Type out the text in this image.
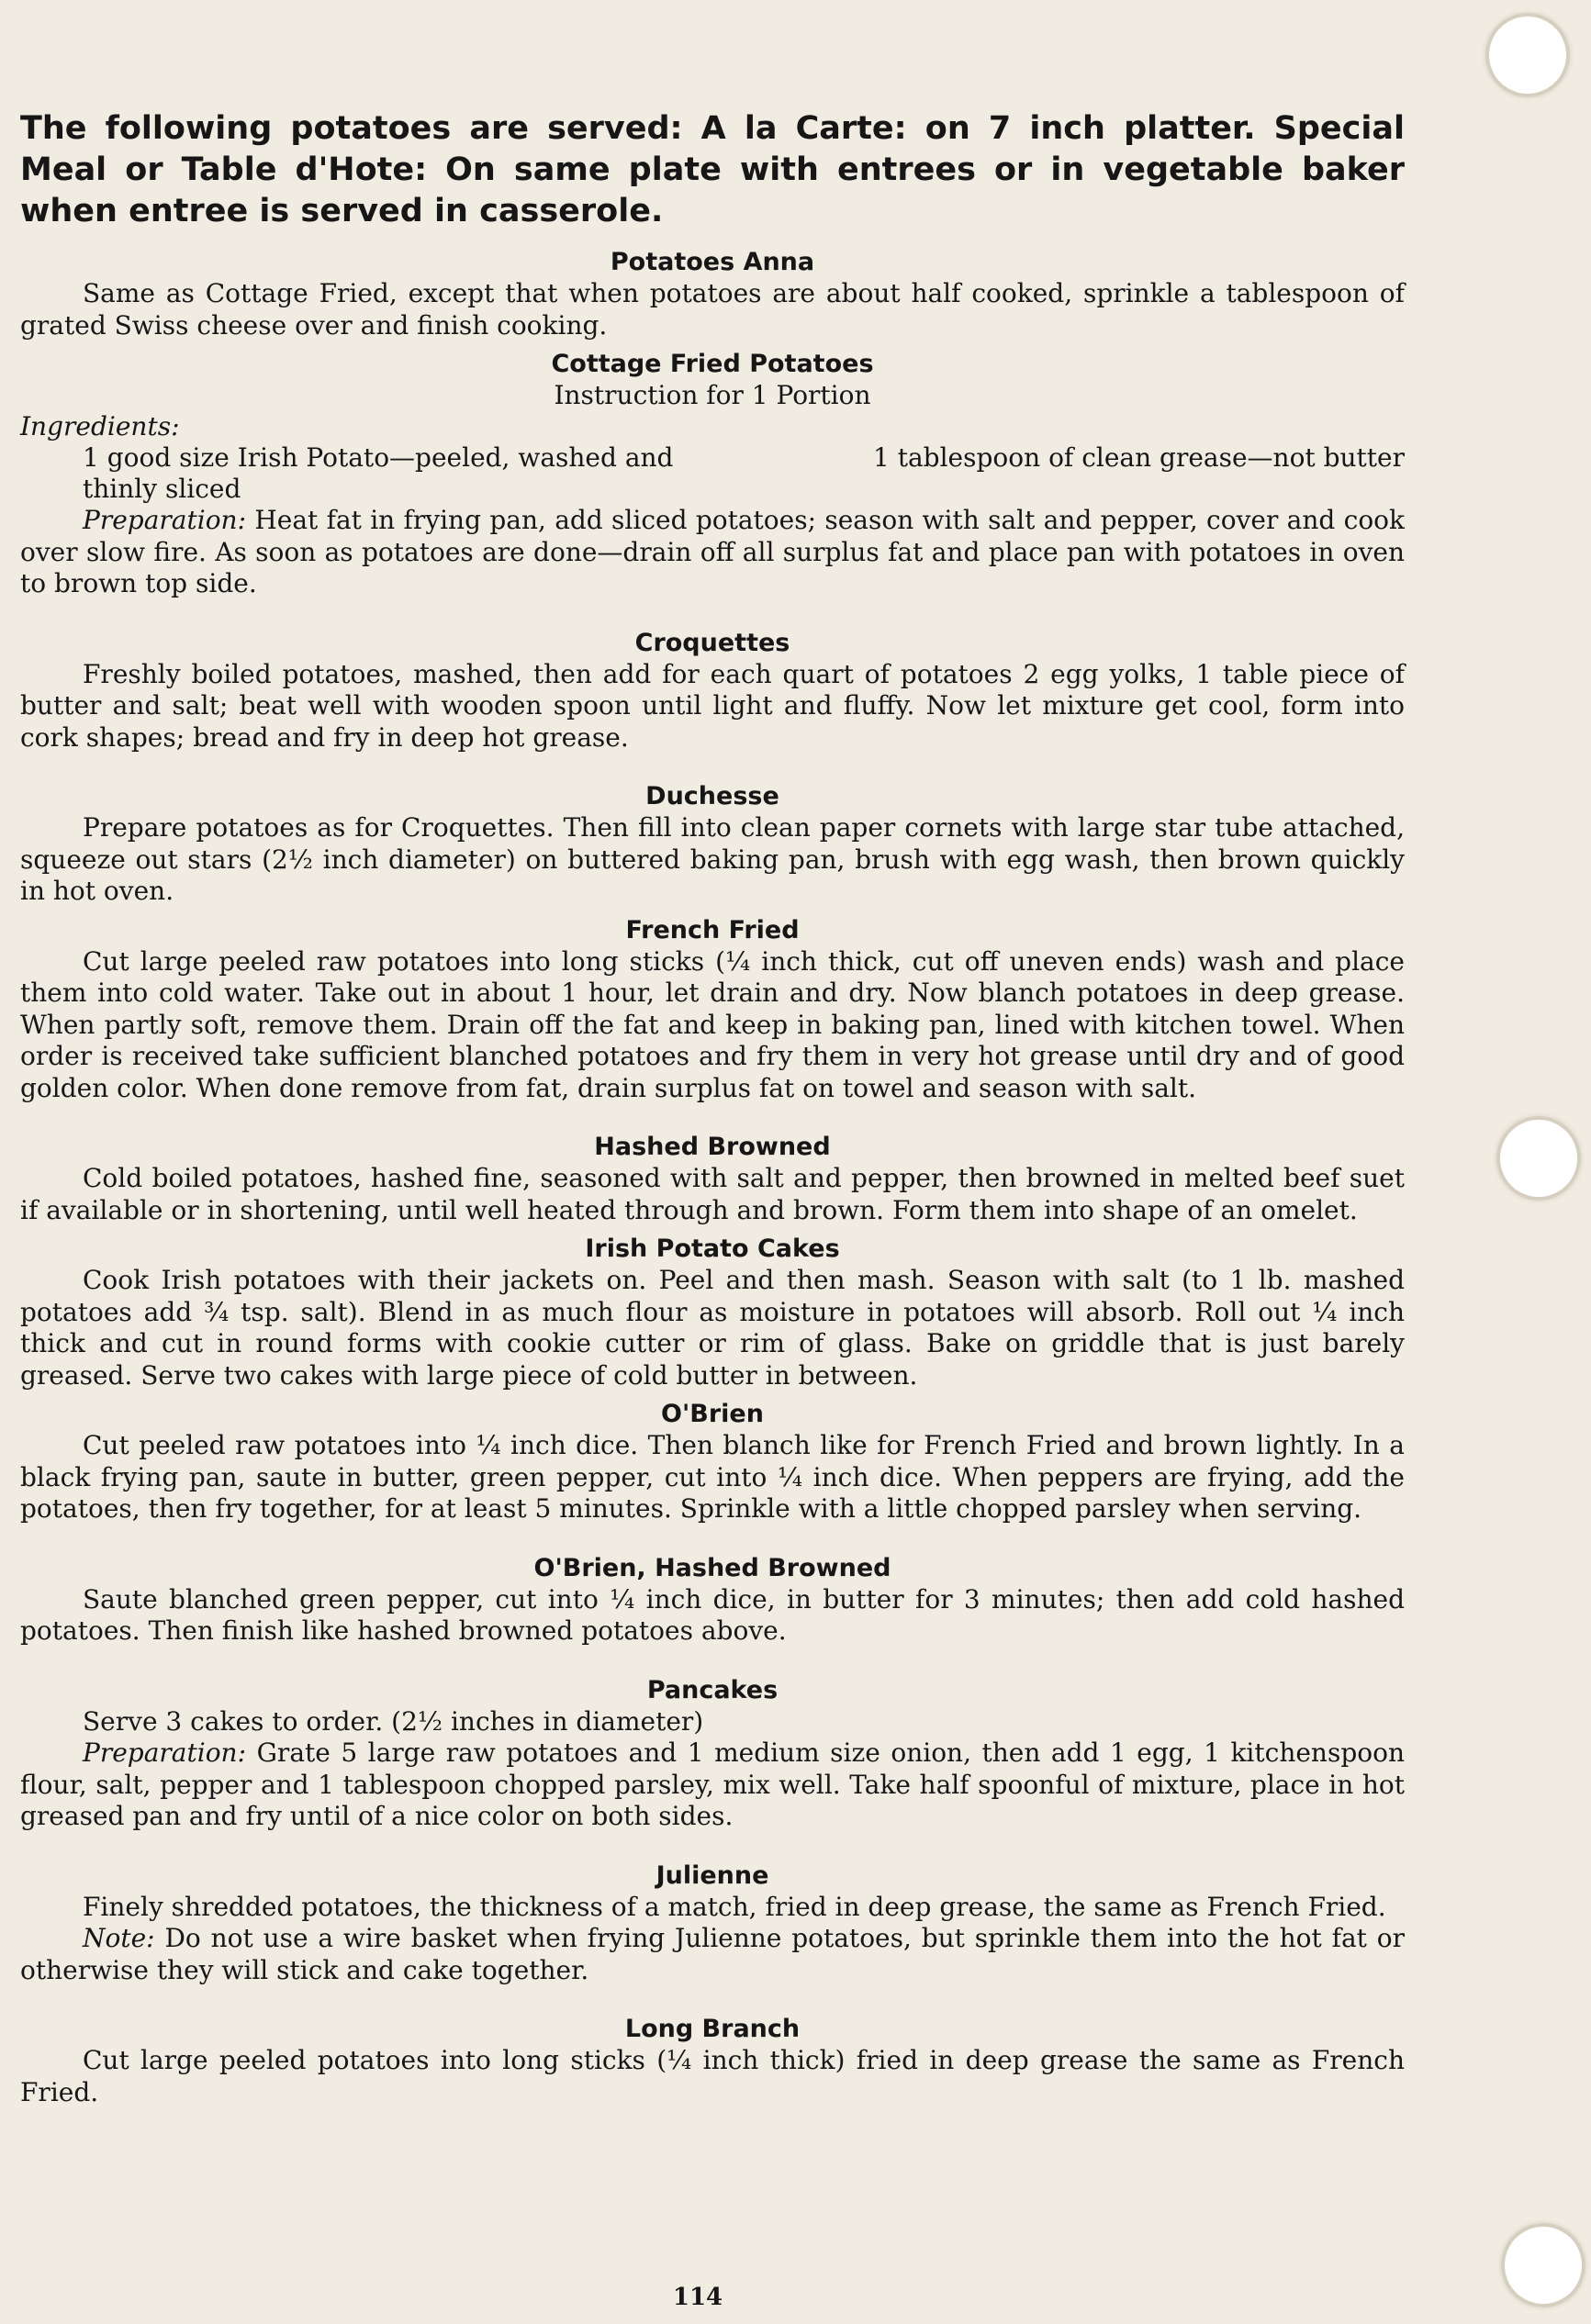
The following potatoes are served: A la Carte: on 7 inch platter. Special Meal or Table d'Hote: On same plate with entrees or in vegetable baker when entree is served in casserole.

Potatoes Anna

Same as Cottage Fried, except that when potatoes are about half cooked, sprinkle a tablespoon of grated Swiss cheese over and finish cooking.

Cottage Fried Potatoes
Instruction for 1 Portion
Ingredients:
1 good size Irish Potato—peeled, washed and thinly sliced
1 tablespoon of clean grease—not butter

Preparation: Heat fat in frying pan, add sliced potatoes; season with salt and pepper, cover and cook over slow fire. As soon as potatoes are done—drain off all surplus fat and place pan with potatoes in oven to brown top side.

Croquettes

Freshly boiled potatoes, mashed, then add for each quart of potatoes 2 egg yolks, 1 table piece of butter and salt; beat well with wooden spoon until light and fluffy. Now let mixture get cool, form into cork shapes; bread and fry in deep hot grease.

Duchesse

Prepare potatoes as for Croquettes. Then fill into clean paper cornets with large star tube attached, squeeze out stars (2½ inch diameter) on buttered baking pan, brush with egg wash, then brown quickly in hot oven.

French Fried

Cut large peeled raw potatoes into long sticks (¼ inch thick, cut off uneven ends) wash and place them into cold water. Take out in about 1 hour, let drain and dry. Now blanch potatoes in deep grease. When partly soft, remove them. Drain off the fat and keep in baking pan, lined with kitchen towel. When order is received take sufficient blanched potatoes and fry them in very hot grease until dry and of good golden color. When done remove from fat, drain surplus fat on towel and season with salt.

Hashed Browned

Cold boiled potatoes, hashed fine, seasoned with salt and pepper, then browned in melted beef suet if available or in shortening, until well heated through and brown. Form them into shape of an omelet.

Irish Potato Cakes

Cook Irish potatoes with their jackets on. Peel and then mash. Season with salt (to 1 lb. mashed potatoes add ¾ tsp. salt). Blend in as much flour as moisture in potatoes will absorb. Roll out ¼ inch thick and cut in round forms with cookie cutter or rim of glass. Bake on griddle that is just barely greased. Serve two cakes with large piece of cold butter in between.

O'Brien

Cut peeled raw potatoes into ¼ inch dice. Then blanch like for French Fried and brown lightly. In a black frying pan, saute in butter, green pepper, cut into ¼ inch dice. When peppers are frying, add the potatoes, then fry together, for at least 5 minutes. Sprinkle with a little chopped parsley when serving.

O'Brien, Hashed Browned

Saute blanched green pepper, cut into ¼ inch dice, in butter for 3 minutes; then add cold hashed potatoes. Then finish like hashed browned potatoes above.

Pancakes

Serve 3 cakes to order. (2½ inches in diameter)

Preparation: Grate 5 large raw potatoes and 1 medium size onion, then add 1 egg, 1 kitchenspoon flour, salt, pepper and 1 tablespoon chopped parsley, mix well. Take half spoonful of mixture, place in hot greased pan and fry until of a nice color on both sides.

Julienne

Finely shredded potatoes, the thickness of a match, fried in deep grease, the same as French Fried.

Note: Do not use a wire basket when frying Julienne potatoes, but sprinkle them into the hot fat or otherwise they will stick and cake together.

Long Branch

Cut large peeled potatoes into long sticks (¼ inch thick) fried in deep grease the same as French Fried.

114
